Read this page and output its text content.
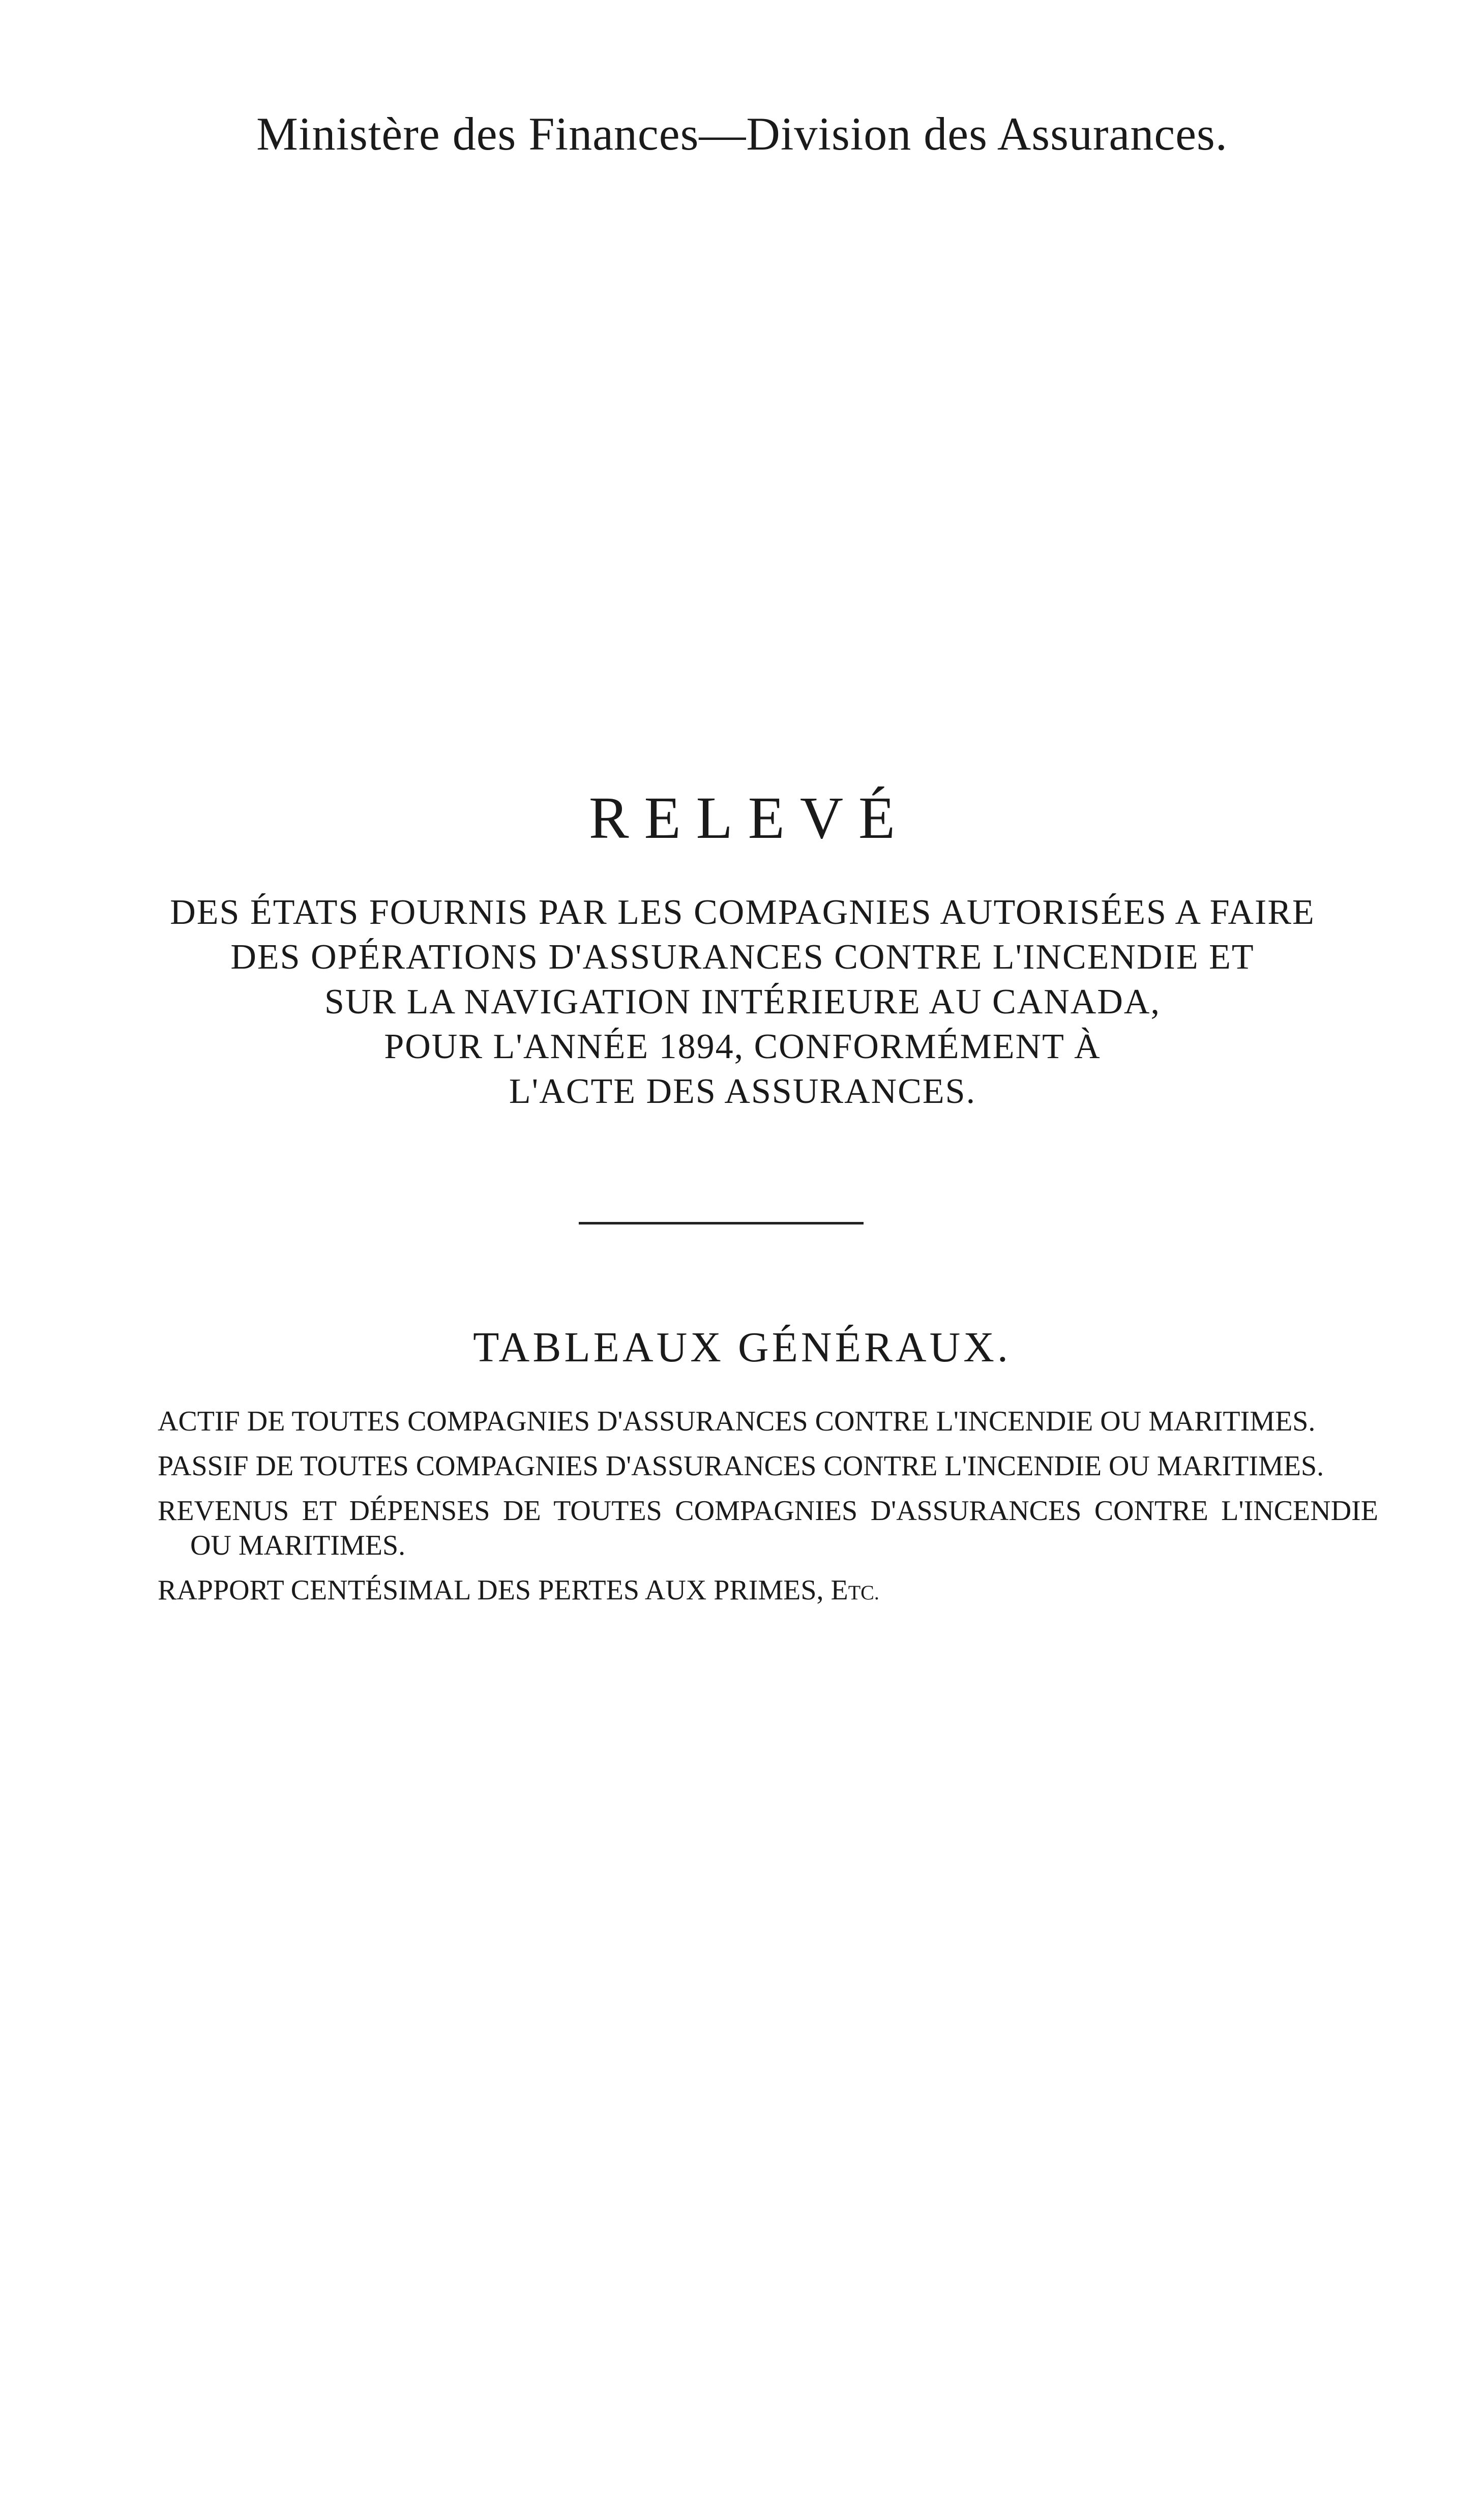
Ministère des Finances—Division des Assurances.
RELEVÉ
DES ÉTATS FOURNIS PAR LES COMPAGNIES AUTORISÉES A FAIRE
DES OPÉRATIONS D'ASSURANCES CONTRE L'INCENDIE ET
SUR LA NAVIGATION INTÉRIEURE AU CANADA,
POUR L'ANNÉE 1894, CONFORMÉMENT À
L'ACTE DES ASSURANCES.
TABLEAUX GÉNÉRAUX.
ACTIF DE TOUTES COMPAGNIES D'ASSURANCES CONTRE L'INCENDIE OU MARITIMES.
PASSIF DE TOUTES COMPAGNIES D'ASSURANCES CONTRE L'INCENDIE OU MARITIMES.
REVENUS ET DÉPENSES DE TOUTES COMPAGNIES D'ASSURANCES CONTRE L'INCENDIE OU MARITIMES.
RAPPORT CENTÉSIMAL DES PERTES AUX PRIMES, ETC.
